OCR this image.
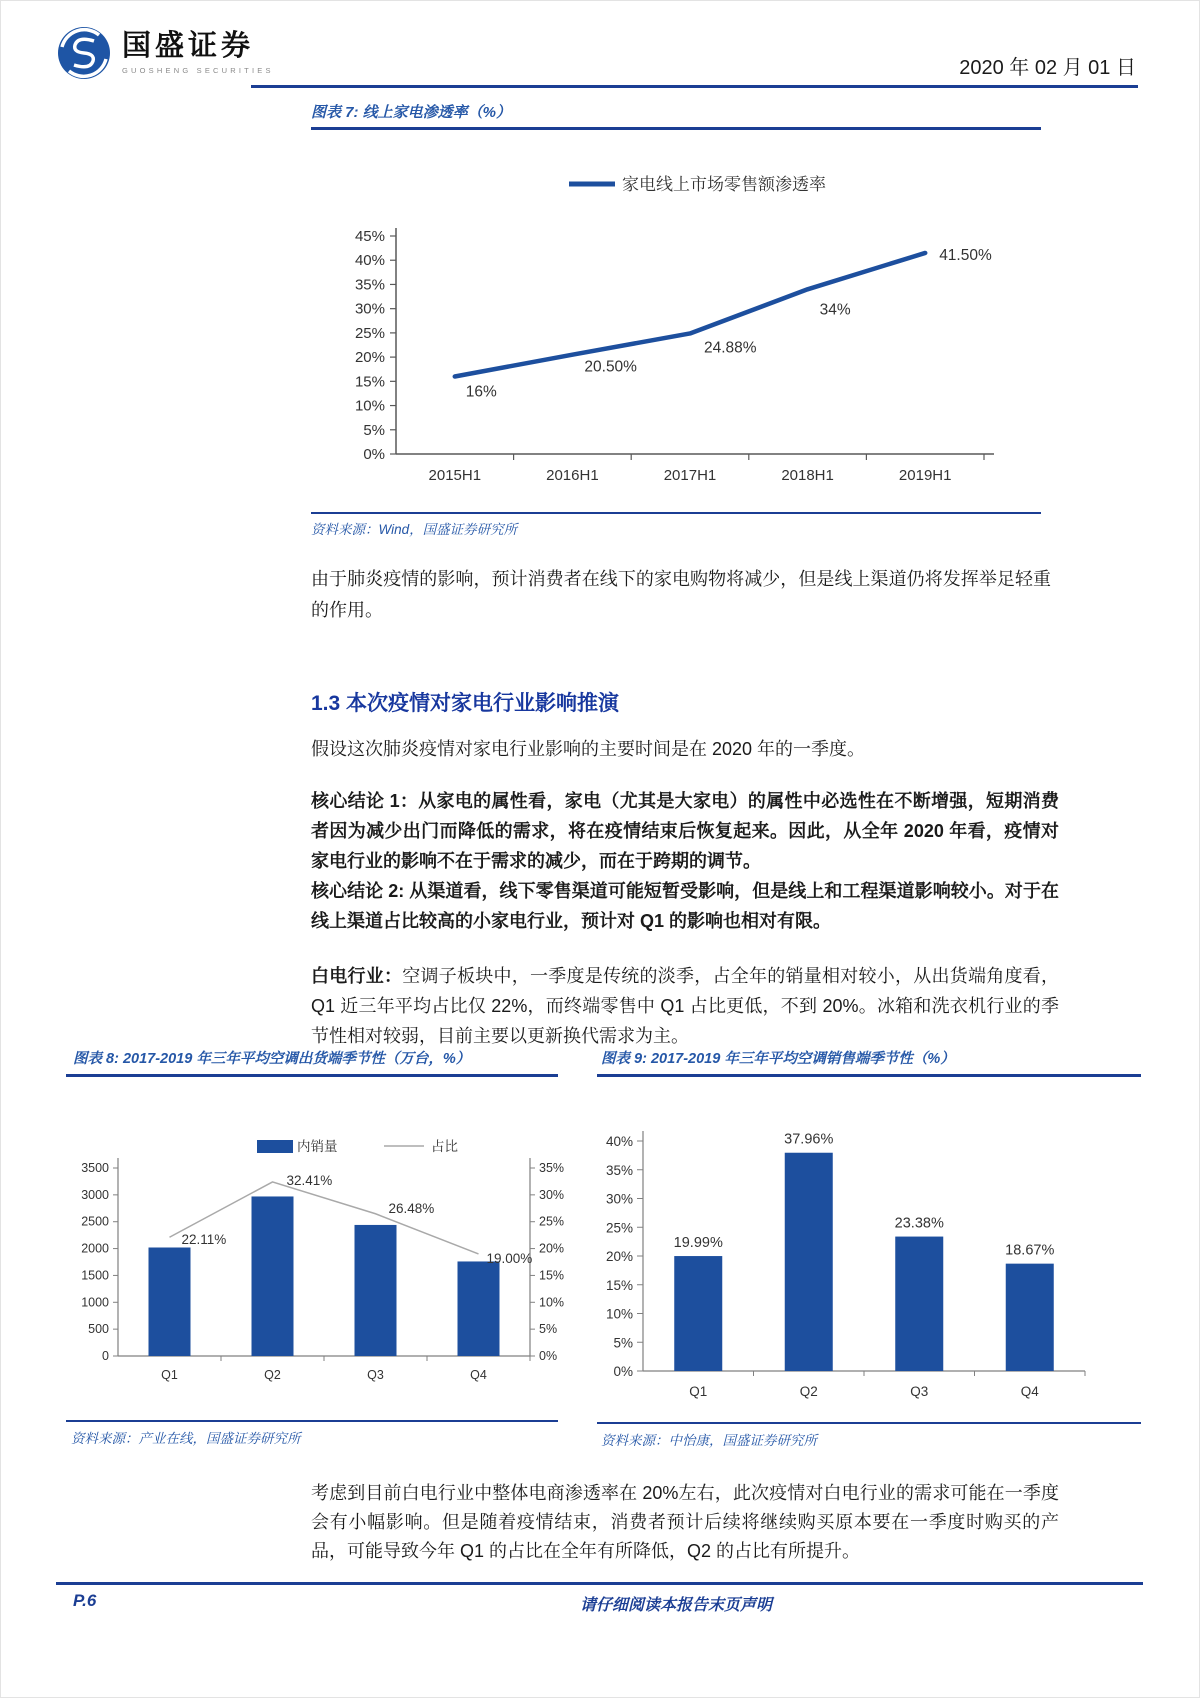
国盛证券
GUOSHENG SECURITIES	2020 年 02 月 01 日
图表 7: 线上家电渗透率（%）
家电线上市场零售额渗透率
0%
5%
10%
15%
20%
25%
30%
35%
40%
45%
2015H1	2016H1	2017H1	2018H1	2019H1
16%
20.50%
24.88%
34%
41.50%
资料来源：Wind，国盛证券研究所

由于肺炎疫情的影响，预计消费者在线下的家电购物将减少，但是线上渠道仍将发挥举足轻重的作用。

1.3 本次疫情对家电行业影响推演

假设这次肺炎疫情对家电行业影响的主要时间是在 2020 年的一季度。

核心结论 1：从家电的属性看，家电（尤其是大家电）的属性中必选性在不断增强，短期消费者因为减少出门而降低的需求，将在疫情结束后恢复起来。因此，从全年 2020 年看，疫情对家电行业的影响不在于需求的减少，而在于跨期的调节。

核心结论 2: 从渠道看，线下零售渠道可能短暂受影响，但是线上和工程渠道影响较小。对于在线上渠道占比较高的小家电行业，预计对 Q1 的影响也相对有限。

白电行业：空调子板块中，一季度是传统的淡季，占全年的销量相对较小，从出货端角度看，Q1 近三年平均占比仅 22%，而终端零售中 Q1 占比更低，不到 20%。冰箱和洗衣机行业的季节性相对较弱，目前主要以更新换代需求为主。

图表 8: 2017-2019 年三年平均空调出货端季节性（万台，%）
内销量	占比
0
500
1000
1500
2000
2500
3000
3500
0%
5%
10%
15%
20%
25%
30%
35%
Q1	Q2	Q3	Q4
22.11%
32.41%
26.48%
19.00%
资料来源：产业在线，国盛证券研究所
图表 9: 2017-2019 年三年平均空调销售端季节性（%）
0%
5%
10%
15%
20%
25%
30%
35%
40%
Q1
19.99%
Q2
37.96%
Q3
23.38%
Q4
18.67%
资料来源：中怡康，国盛证券研究所

考虑到目前白电行业中整体电商渗透率在 20%左右，此次疫情对白电行业的需求可能在一季度会有小幅影响。但是随着疫情结束，消费者预计后续将继续购买原本要在一季度时购买的产品，可能导致今年 Q1 的占比在全年有所降低，Q2 的占比有所提升。

P.6	请仔细阅读本报告末页声明
